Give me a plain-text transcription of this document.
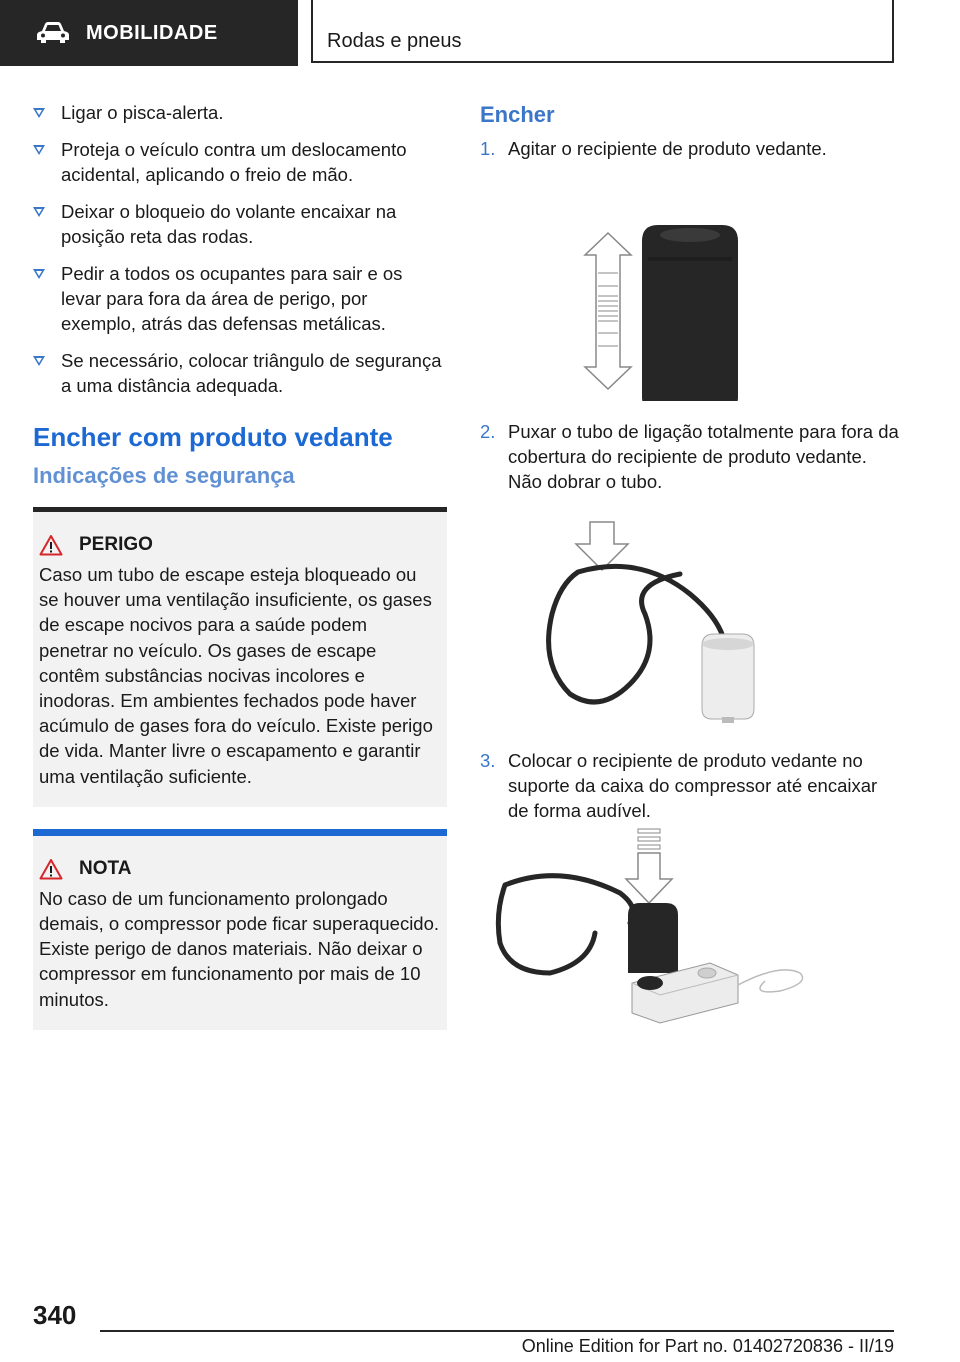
MOBILIDADE	Rodas e pneus
Ligar o pisca-alerta.
Proteja o veículo contra um deslocamento acidental, aplicando o freio de mão.
Deixar o bloqueio do volante encaixar na posição reta das rodas.
Pedir a todos os ocupantes para sair e os levar para fora da área de perigo, por exemplo, atrás das defensas metálicas.
Se necessário, colocar triângulo de segurança a uma distância adequada.
Encher com produto vedante
Indicações de segurança
PERIGO
Caso um tubo de escape esteja bloqueado ou se houver uma ventilação insuficiente, os gases de escape nocivos para a saúde podem penetrar no veículo. Os gases de escape contêm substâncias nocivas incolores e inodoras. Em ambientes fechados pode haver acúmulo de gases fora do veículo. Existe perigo de vida. Manter livre o escapamento e garantir uma ventilação suficiente.
NOTA
No caso de um funcionamento prolongado demais, o compressor pode ficar superaquecido. Existe perigo de danos materiais. Não deixar o compressor em funcionamento por mais de 10 minutos.
Encher
1. Agitar o recipiente de produto vedante.
2. Puxar o tubo de ligação totalmente para fora da cobertura do recipiente de produto vedante. Não dobrar o tubo.
3. Colocar o recipiente de produto vedante no suporte da caixa do compressor até encaixar de forma audível.
340
Online Edition for Part no. 01402720836 - II/19
